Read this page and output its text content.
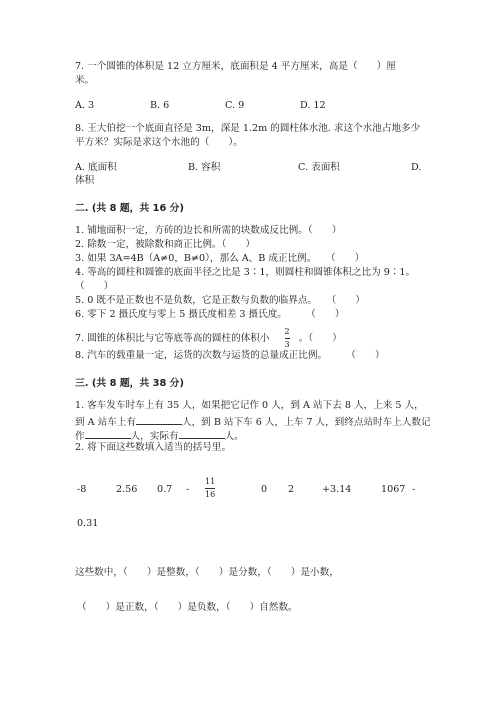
7. 一个圆锥的体积是 12 立方厘米，底面积是 4 平方厘米，高是（　　）厘
米。
A. 3	B. 6	C. 9	D. 12
8. 王大伯挖一个底面直径是 3m，深是 1.2m 的圆柱体水池. 求这个水池占地多少
平方米？实际是求这个水池的（　　）。
A. 底面积	B. 容积	C. 表面积	D.
体积
二. (共 8 题，共 16 分)
1. 铺地面积一定，方砖的边长和所需的块数成反比例。（　　）
2. 除数一定，被除数和商正比例。（　　）
3. 如果 3A=4B（A≠0，B≠0），那么 A、B 成正比例。　　（　　）
4. 等高的圆柱和圆锥的底面半径之比是 3∶1，则圆柱和圆锥体积之比为 9∶1。
（　　）
5. 0 既不是正数也不是负数，它是正数与负数的临界点。　　（　　）
6. 零下 2 摄氏度与零上 5 摄氏度相差 3 摄氏度。　　　（　　）
7. 圆锥的体积比与它等底等高的圆柱的体积小 $\frac{2}{3}$ 。（　　）
8. 汽车的载重量一定，运货的次数与运货的总量成正比例。　　　（　　）
三. (共 8 题，共 38 分)
1. 客车发车时车上有 35 人，如果把它记作 0 人，到 A 站下去 8 人，上来 5 人，
到 A 站车上有	人，到 B 站下车 6 人，上车 7 人，到终点站时车上人数记
作	人，实际有	人。
2. 将下面这些数填入适当的括号里。
-8	2.56 $0.7 - \frac{11}{16}$	0 2	+3.14	1067 -
0.31
这些数中，（　　）是整数，（　　）是分数，（　　）是小数，
（　　）是正数，（　　）是负数，（　　）自然数。
